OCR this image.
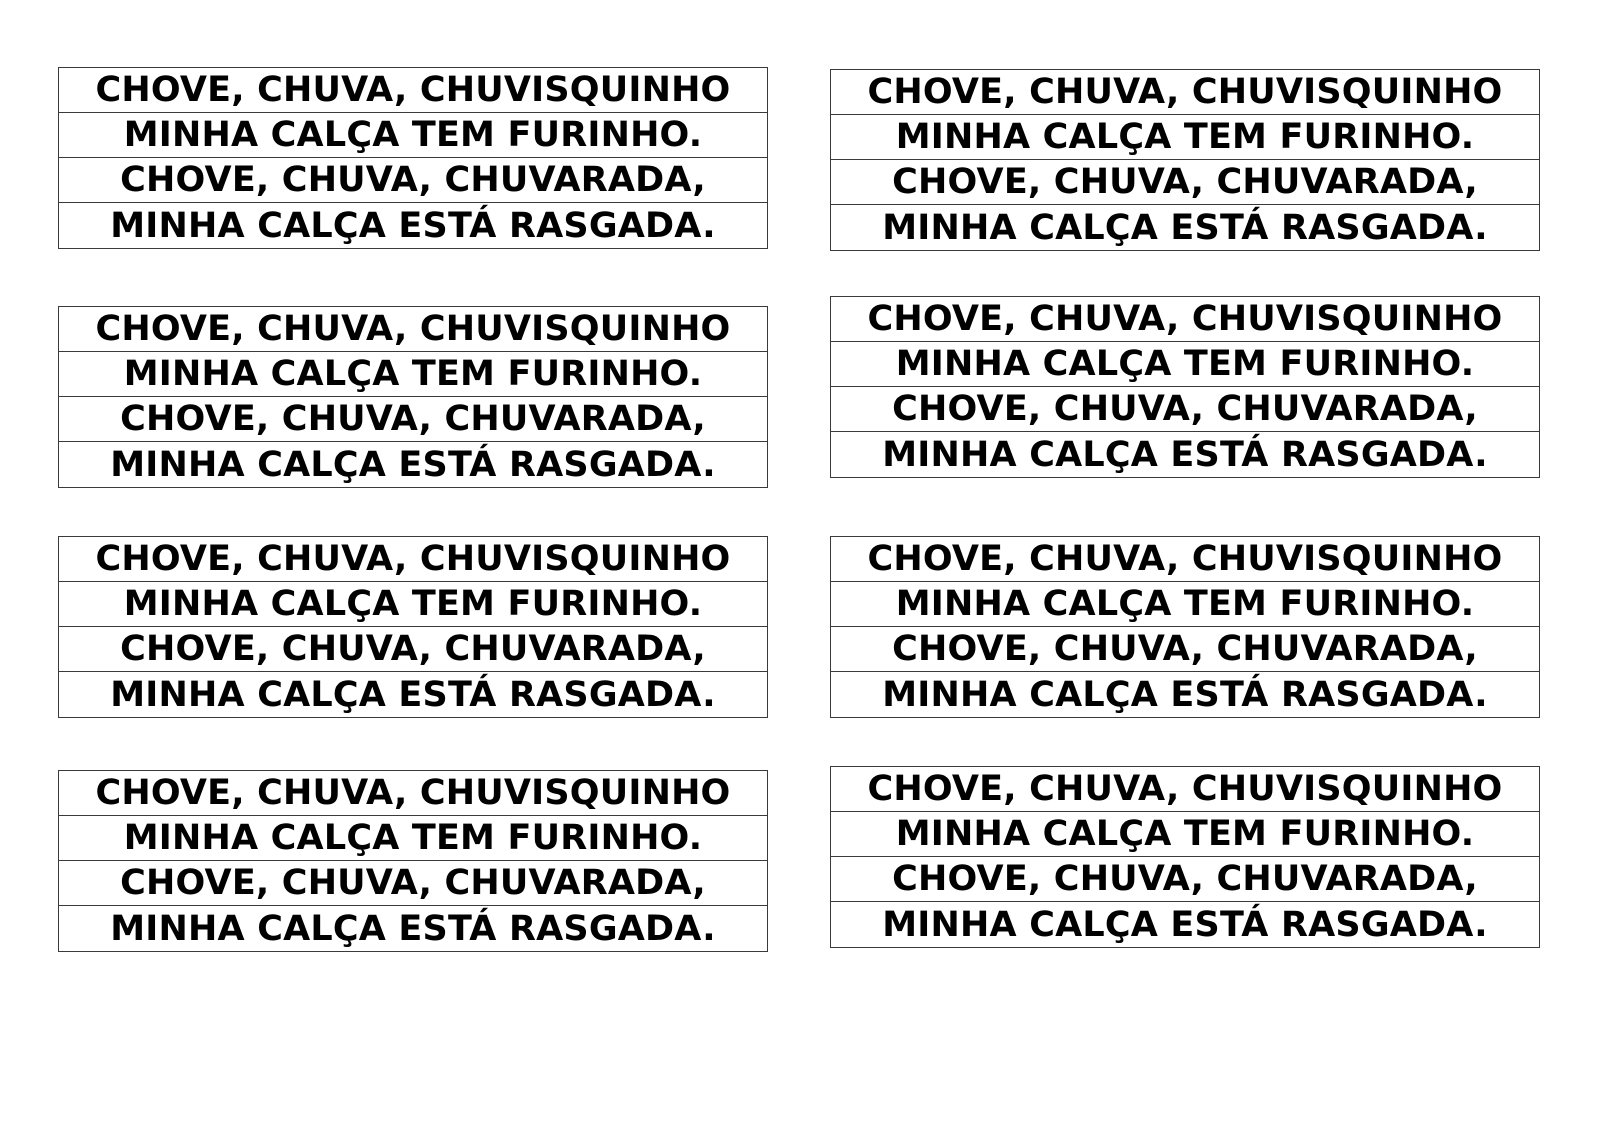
CHOVE, CHUVA, CHUVISQUINHO
MINHA CALÇA TEM FURINHO.
CHOVE, CHUVA, CHUVARADA,
MINHA CALÇA ESTÁ RASGADA.
CHOVE, CHUVA, CHUVISQUINHO
MINHA CALÇA TEM FURINHO.
CHOVE, CHUVA, CHUVARADA,
MINHA CALÇA ESTÁ RASGADA.
CHOVE, CHUVA, CHUVISQUINHO
MINHA CALÇA TEM FURINHO.
CHOVE, CHUVA, CHUVARADA,
MINHA CALÇA ESTÁ RASGADA.
CHOVE, CHUVA, CHUVISQUINHO
MINHA CALÇA TEM FURINHO.
CHOVE, CHUVA, CHUVARADA,
MINHA CALÇA ESTÁ RASGADA.
CHOVE, CHUVA, CHUVISQUINHO
MINHA CALÇA TEM FURINHO.
CHOVE, CHUVA, CHUVARADA,
MINHA CALÇA ESTÁ RASGADA.
CHOVE, CHUVA, CHUVISQUINHO
MINHA CALÇA TEM FURINHO.
CHOVE, CHUVA, CHUVARADA,
MINHA CALÇA ESTÁ RASGADA.
CHOVE, CHUVA, CHUVISQUINHO
MINHA CALÇA TEM FURINHO.
CHOVE, CHUVA, CHUVARADA,
MINHA CALÇA ESTÁ RASGADA.
CHOVE, CHUVA, CHUVISQUINHO
MINHA CALÇA TEM FURINHO.
CHOVE, CHUVA, CHUVARADA,
MINHA CALÇA ESTÁ RASGADA.
